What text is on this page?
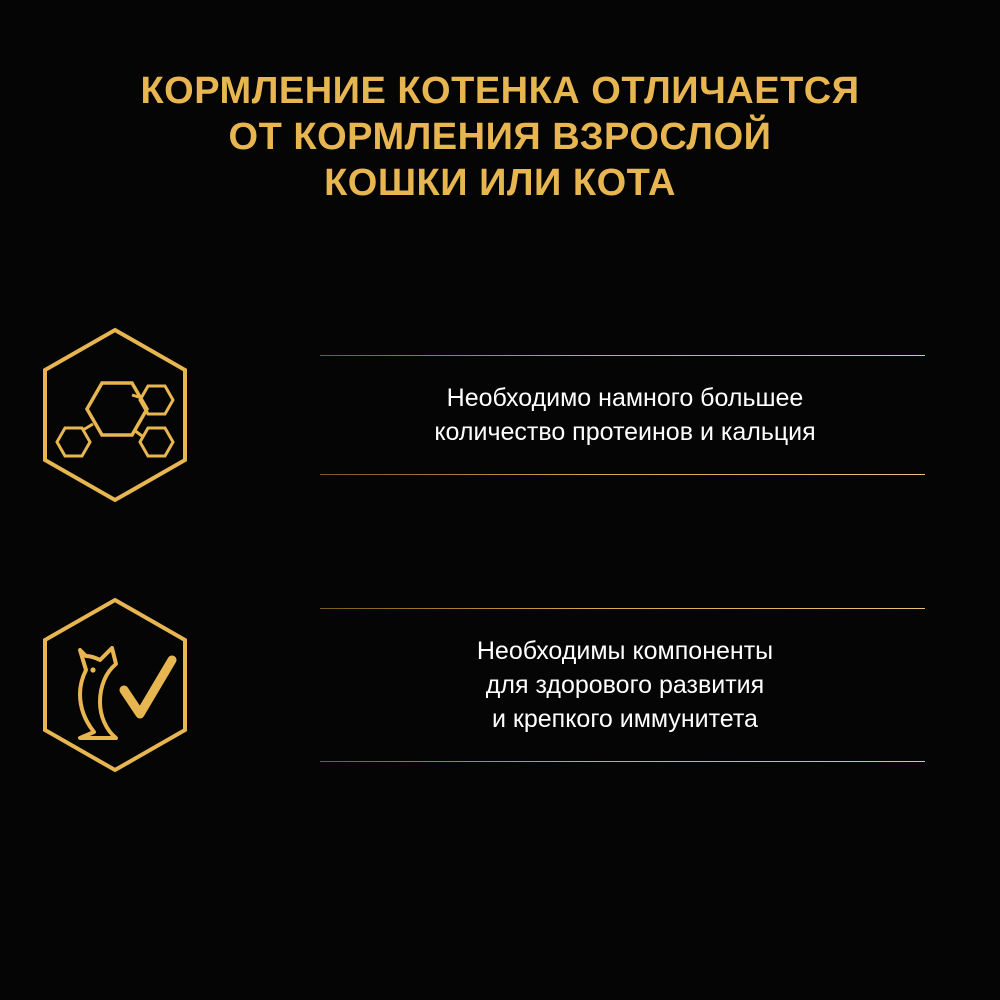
КОРМЛЕНИЕ КОТЕНКА ОТЛИЧАЕТСЯ
ОТ КОРМЛЕНИЯ ВЗРОСЛОЙ
КОШКИ ИЛИ КОТА
Необходимо намного большее
количество протеинов и кальция
Необходимы компоненты
для здорового развития
и крепкого иммунитета
